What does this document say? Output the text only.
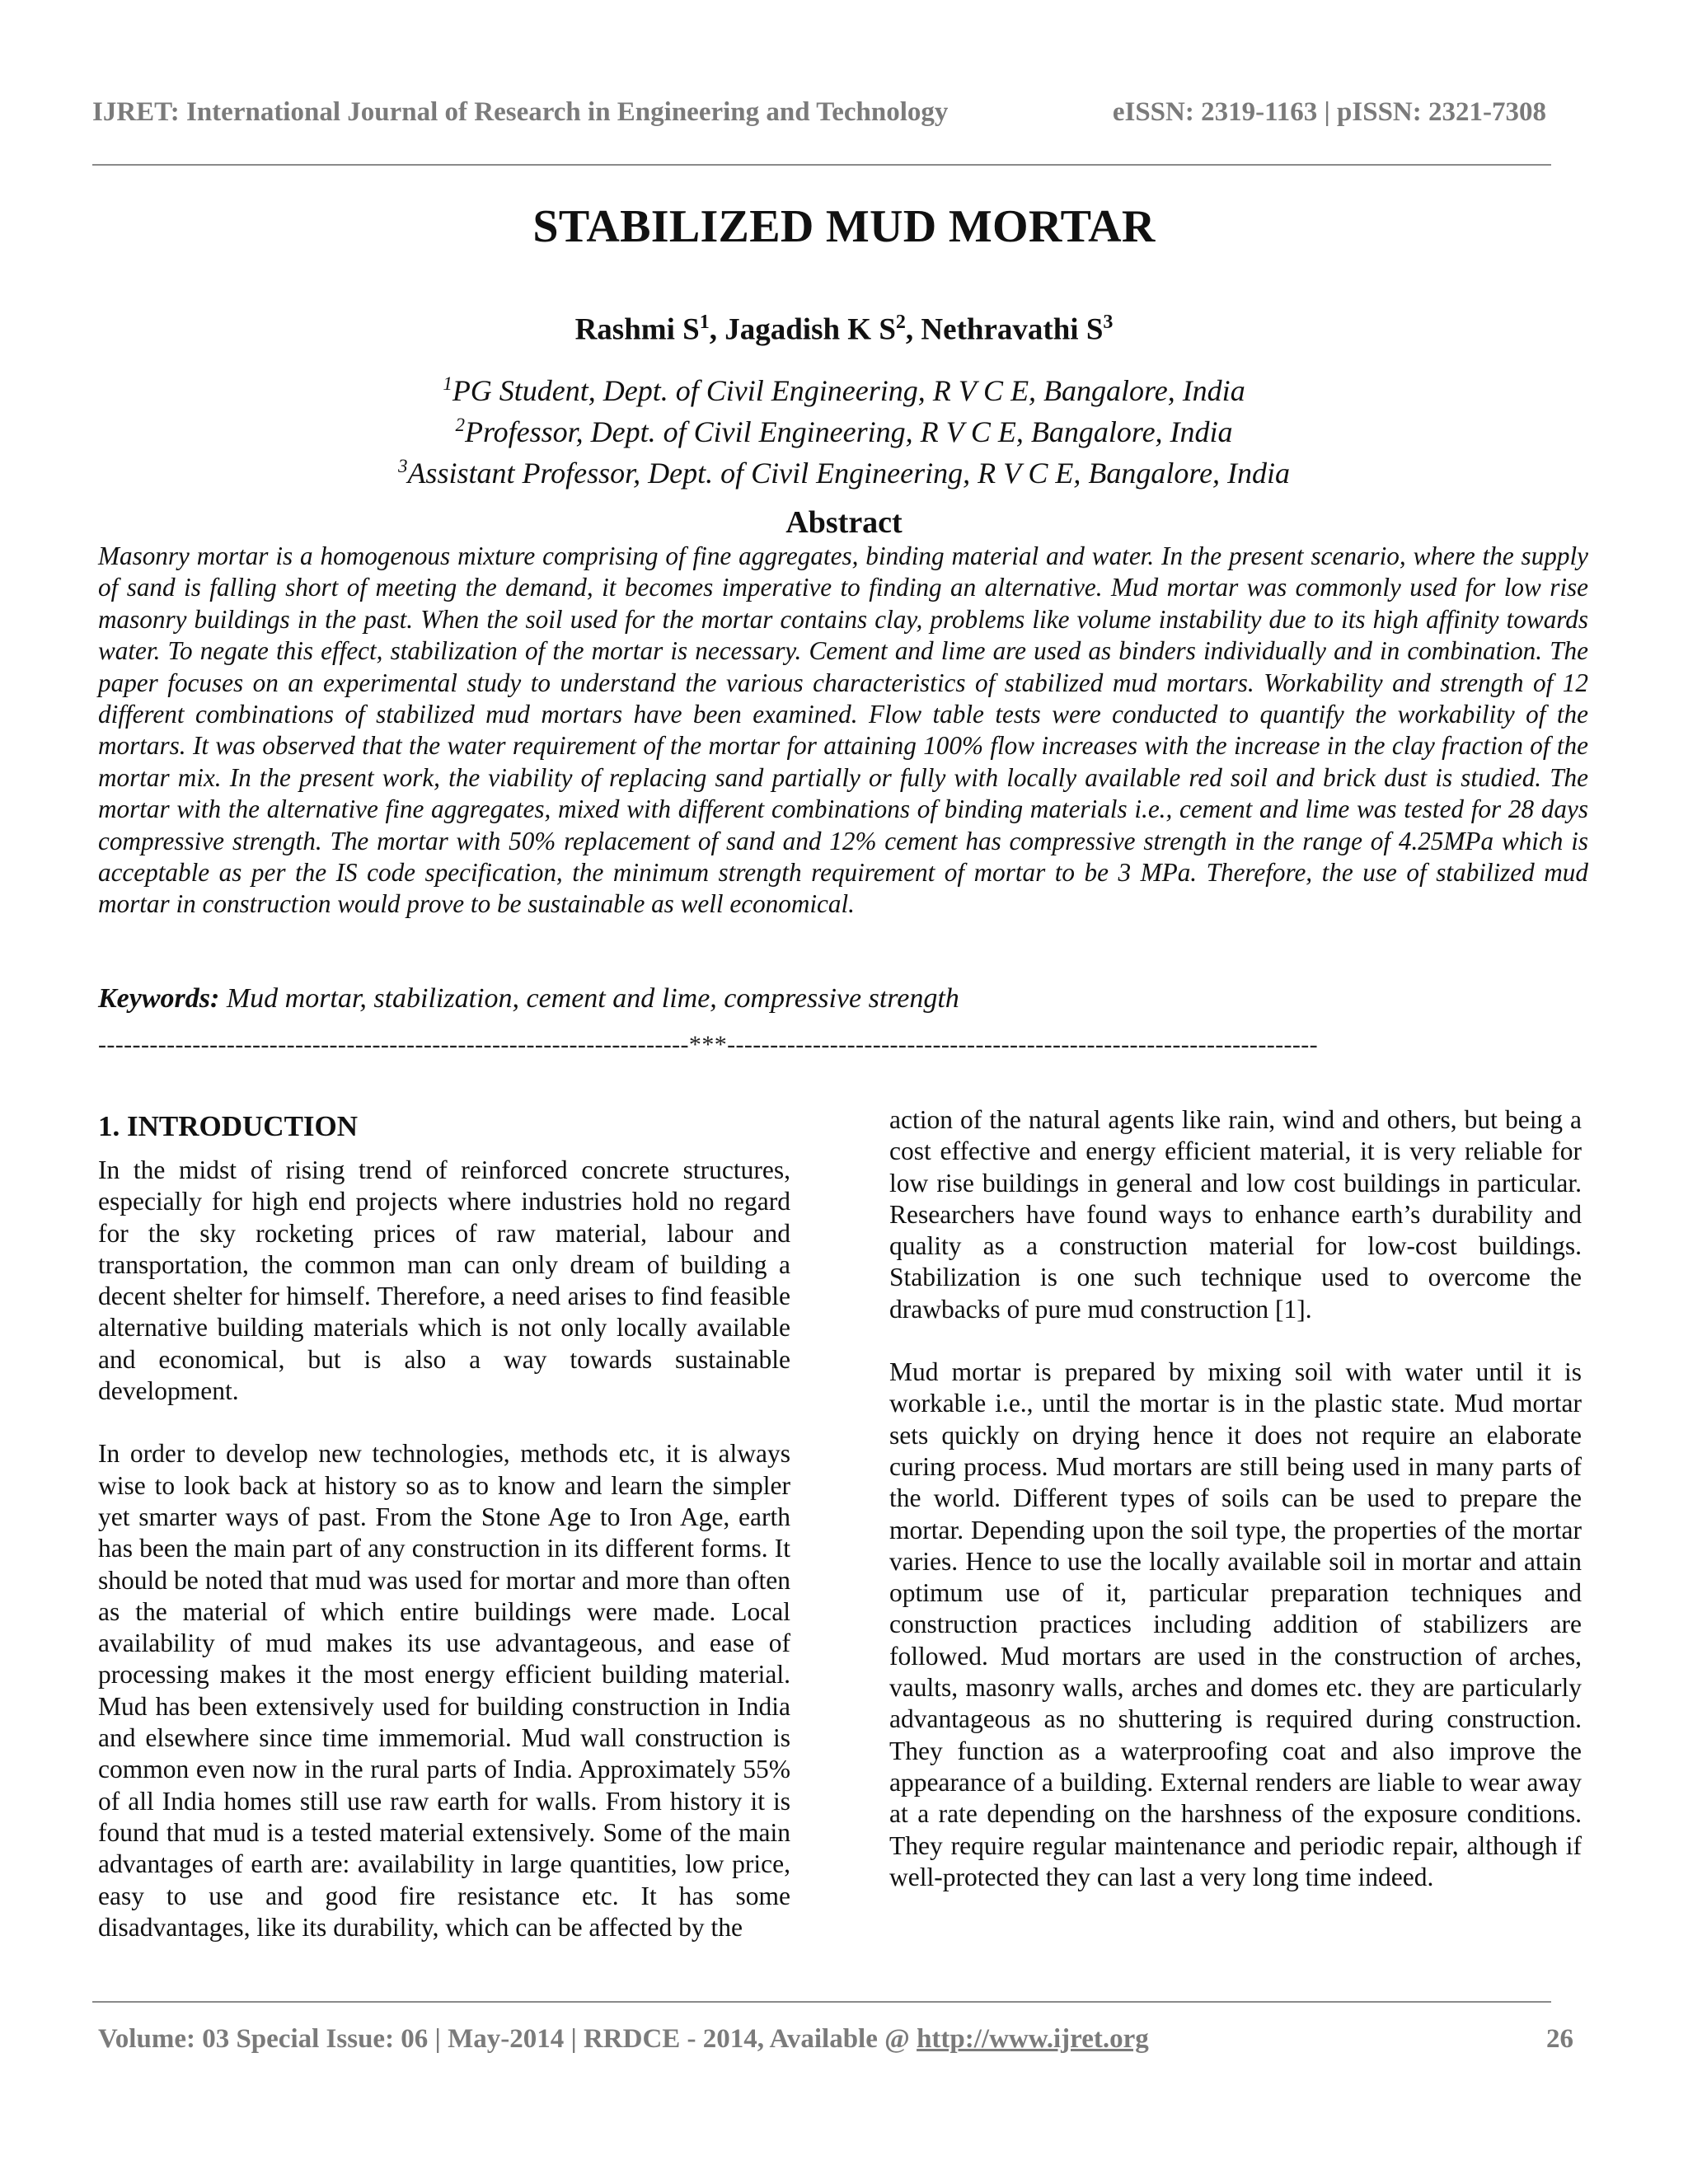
IJRET: International Journal of Research in Engineering and Technology	eISSN: 2319-1163 | pISSN: 2321-7308
STABILIZED MUD MORTAR
Rashmi $S^1$, Jagadish K $S^2$, Nethravathi $S^3$
$^1$PG Student, Dept. of Civil Engineering, R V C E, Bangalore, India
$^2$Professor, Dept. of Civil Engineering, R V C E, Bangalore, India
$^3$Assistant Professor, Dept. of Civil Engineering, R V C E, Bangalore, India
Abstract
Masonry mortar is a homogenous mixture comprising of fine aggregates, binding material and water. In the present scenario, where the supply of sand is falling short of meeting the demand, it becomes imperative to finding an alternative. Mud mortar was commonly used for low rise masonry buildings in the past. When the soil used for the mortar contains clay, problems like volume instability due to its high affinity towards water. To negate this effect, stabilization of the mortar is necessary. Cement and lime are used as binders individually and in combination. The paper focuses on an experimental study to understand the various characteristics of stabilized mud mortars. Workability and strength of 12 different combinations of stabilized mud mortars have been examined. Flow table tests were conducted to quantify the workability of the mortars. It was observed that the water requirement of the mortar for attaining 100% flow increases with the increase in the clay fraction of the mortar mix. In the present work, the viability of replacing sand partially or fully with locally available red soil and brick dust is studied. The mortar with the alternative fine aggregates, mixed with different combinations of binding materials i.e., cement and lime was tested for 28 days compressive strength. The mortar with 50% replacement of sand and 12% cement has compressive strength in the range of 4.25MPa which is acceptable as per the IS code specification, the minimum strength requirement of mortar to be 3 MPa. Therefore, the use of stabilized mud mortar in construction would prove to be sustainable as well economical.
Keywords: Mud mortar, stabilization, cement and lime, compressive strength
---------------------------------------------------------------------***---------------------------------------------------------------------
1. INTRODUCTION

In the midst of rising trend of reinforced concrete structures, especially for high end projects where industries hold no regard for the sky rocketing prices of raw material, labour and transportation, the common man can only dream of building a decent shelter for himself. Therefore, a need arises to find feasible alternative building materials which is not only locally available and economical, but is also a way towards sustainable development.

In order to develop new technologies, methods etc, it is always wise to look back at history so as to know and learn the simpler yet smarter ways of past. From the Stone Age to Iron Age, earth has been the main part of any construction in its different forms. It should be noted that mud was used for mortar and more than often as the material of which entire buildings were made. Local availability of mud makes its use advantageous, and ease of processing makes it the most energy efficient building material. Mud has been extensively used for building construction in India and elsewhere since time immemorial. Mud wall construction is common even now in the rural parts of India. Approximately 55% of all India homes still use raw earth for walls. From history it is found that mud is a tested material extensively. Some of the main advantages of earth are: availability in large quantities, low price, easy to use and good fire resistance etc. It has some disadvantages, like its durability, which can be affected by the

action of the natural agents like rain, wind and others, but being a cost effective and energy efficient material, it is very reliable for low rise buildings in general and low cost buildings in particular. Researchers have found ways to enhance earth’s durability and quality as a construction material for low-cost buildings. Stabilization is one such technique used to overcome the drawbacks of pure mud construction [1].

Mud mortar is prepared by mixing soil with water until it is workable i.e., until the mortar is in the plastic state. Mud mortar sets quickly on drying hence it does not require an elaborate curing process. Mud mortars are still being used in many parts of the world. Different types of soils can be used to prepare the mortar. Depending upon the soil type, the properties of the mortar varies. Hence to use the locally available soil in mortar and attain optimum use of it, particular preparation techniques and construction practices including addition of stabilizers are followed. Mud mortars are used in the construction of arches, vaults, masonry walls, arches and domes etc. they are particularly advantageous as no shuttering is required during construction. They function as a waterproofing coat and also improve the appearance of a building. External renders are liable to wear away at a rate depending on the harshness of the exposure conditions. They require regular maintenance and periodic repair, although if well-protected they can last a very long time indeed.

Volume: 03 Special Issue: 06 | May-2014 | RRDCE - 2014, Available @ http://www.ijret.org	26
